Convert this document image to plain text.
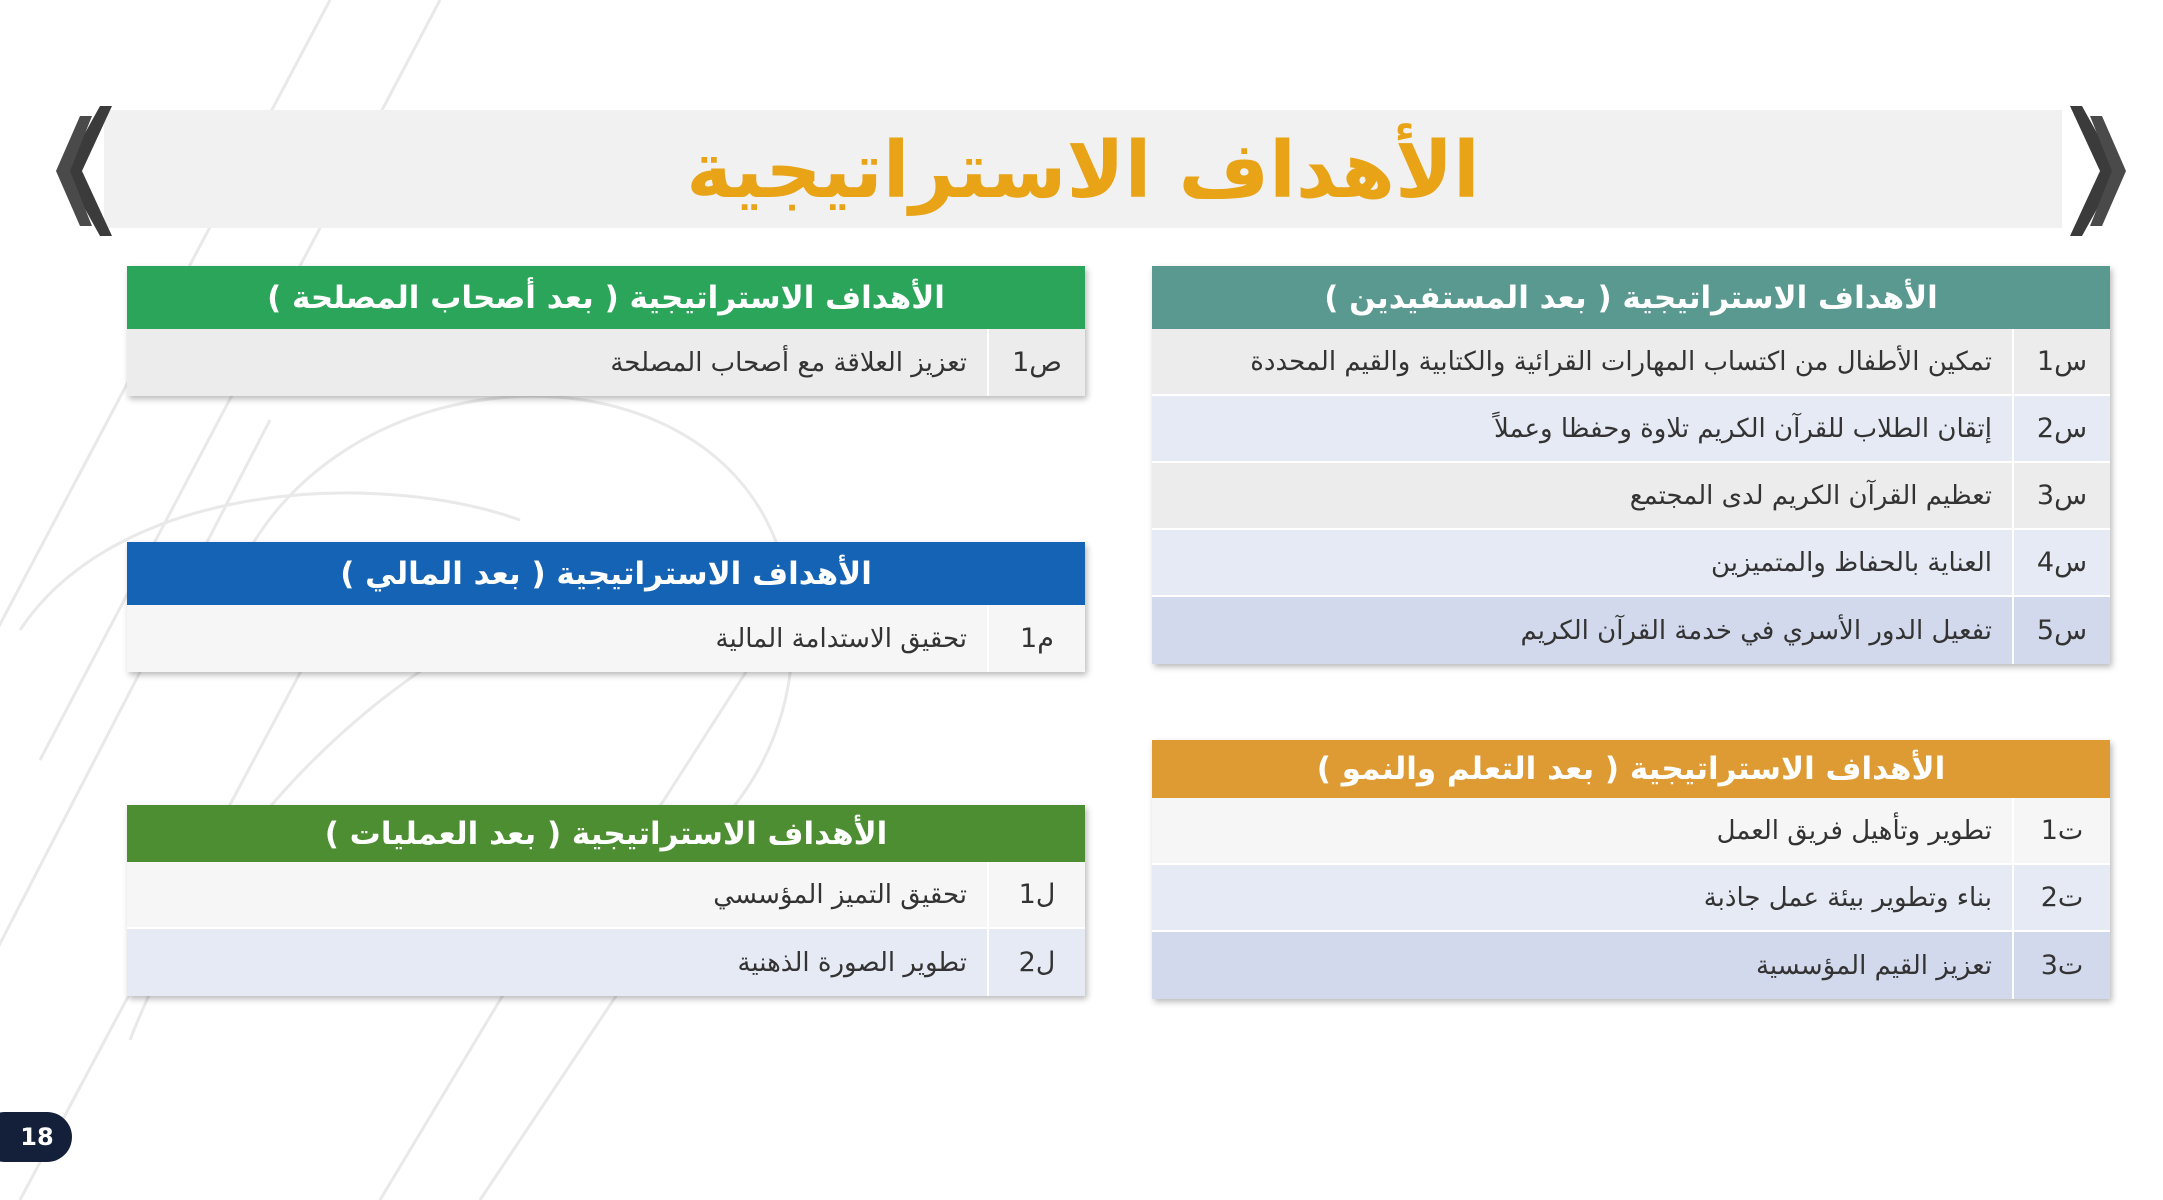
الأهداف الاستراتيجية
الأهداف الاستراتيجية ( بعد المستفيدين )
س1
تمكين الأطفال من اكتساب المهارات القرائية والكتابية والقيم المحددة
س2
إتقان الطلاب للقرآن الكريم تلاوة وحفظا وعملاً
س3
تعظيم القرآن الكريم لدى المجتمع
س4
العناية بالحفاظ والمتميزين
س5
تفعيل الدور الأسري في خدمة القرآن الكريم
الأهداف الاستراتيجية ( بعد أصحاب المصلحة )
ص1
تعزيز العلاقة مع أصحاب المصلحة
الأهداف الاستراتيجية ( بعد المالي )
م1
تحقيق الاستدامة المالية
الأهداف الاستراتيجية ( بعد العمليات )
ل1
تحقيق التميز المؤسسي
ل2
تطوير الصورة الذهنية
الأهداف الاستراتيجية ( بعد التعلم والنمو )
ت1
تطوير وتأهيل فريق العمل
ت2
بناء وتطوير بيئة عمل جاذبة
ت3
تعزيز القيم المؤسسية
18
